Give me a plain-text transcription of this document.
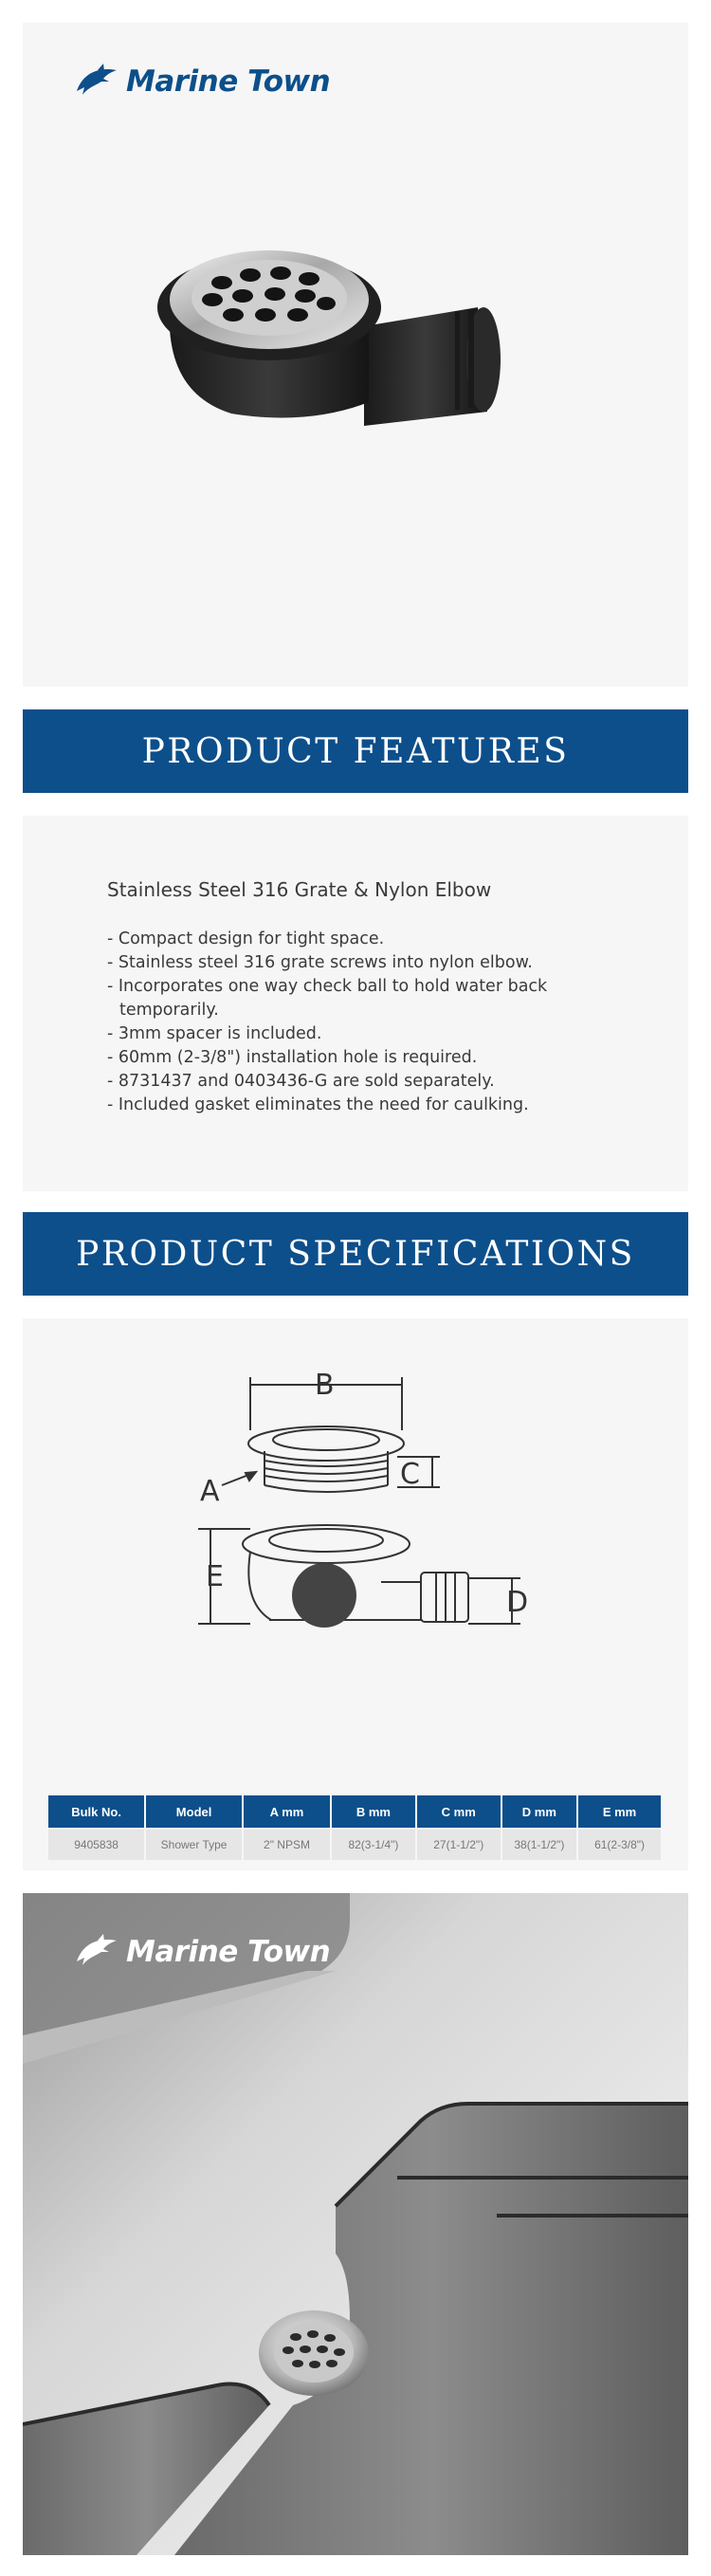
Marine Town
PRODUCT FEATURES
Stainless Steel 316 Grate & Nylon Elbow
- Compact design for tight space.
- Stainless steel 316 grate screws into nylon elbow.
- Incorporates one way check ball to hold water back temporarily.
- 3mm spacer is included.
- 60mm (2-3/8") installation hole is required.
- 8731437 and 0403436-G are sold separately.
- Included gasket eliminates the need for caulking.
PRODUCT SPECIFICATIONS
B
C
A
E
D
Bulk No.	Model	A mm	B mm	C mm	D mm	E mm
9405838	Shower Type	2" NPSM	82(3-1/4")	27(1-1/2")	38(1-1/2")	61(2-3/8")
Marine Town
